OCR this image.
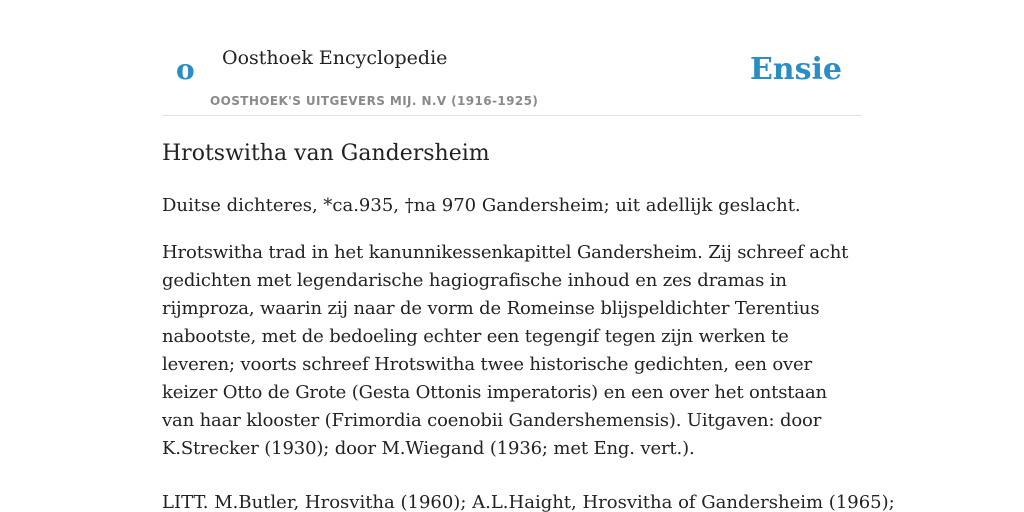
o Oosthoek Encyclopedie
OOSTHOEK'S UITGEVERS MIJ. N.V (1916-1925)
Ensie
Hrotswitha van Gandersheim

Duitse dichteres, *ca.935, †na 970 Gandersheim; uit adellijk geslacht.

Hrotswitha trad in het kanunnikessenkapittel Gandersheim. Zij schreef acht gedichten met legendarische hagiografische inhoud en zes dramas in rijmproza, waarin zij naar de vorm de Romeinse blijspeldichter Terentius nabootste, met de bedoeling echter een tegengif tegen zijn werken te leveren; voorts schreef Hrotswitha twee historische gedichten, een over keizer Otto de Grote (Gesta Ottonis imperatoris) en een over het ontstaan van haar klooster (Frimordia coenobii Gandershemensis). Uitgaven: door K.Strecker (1930); door M.Wiegand (1936; met Eng. vert.).

LITT. M.Butler, Hrosvitha (1960); A.L.Haight, Hrosvitha of Gandersheim (1965);
